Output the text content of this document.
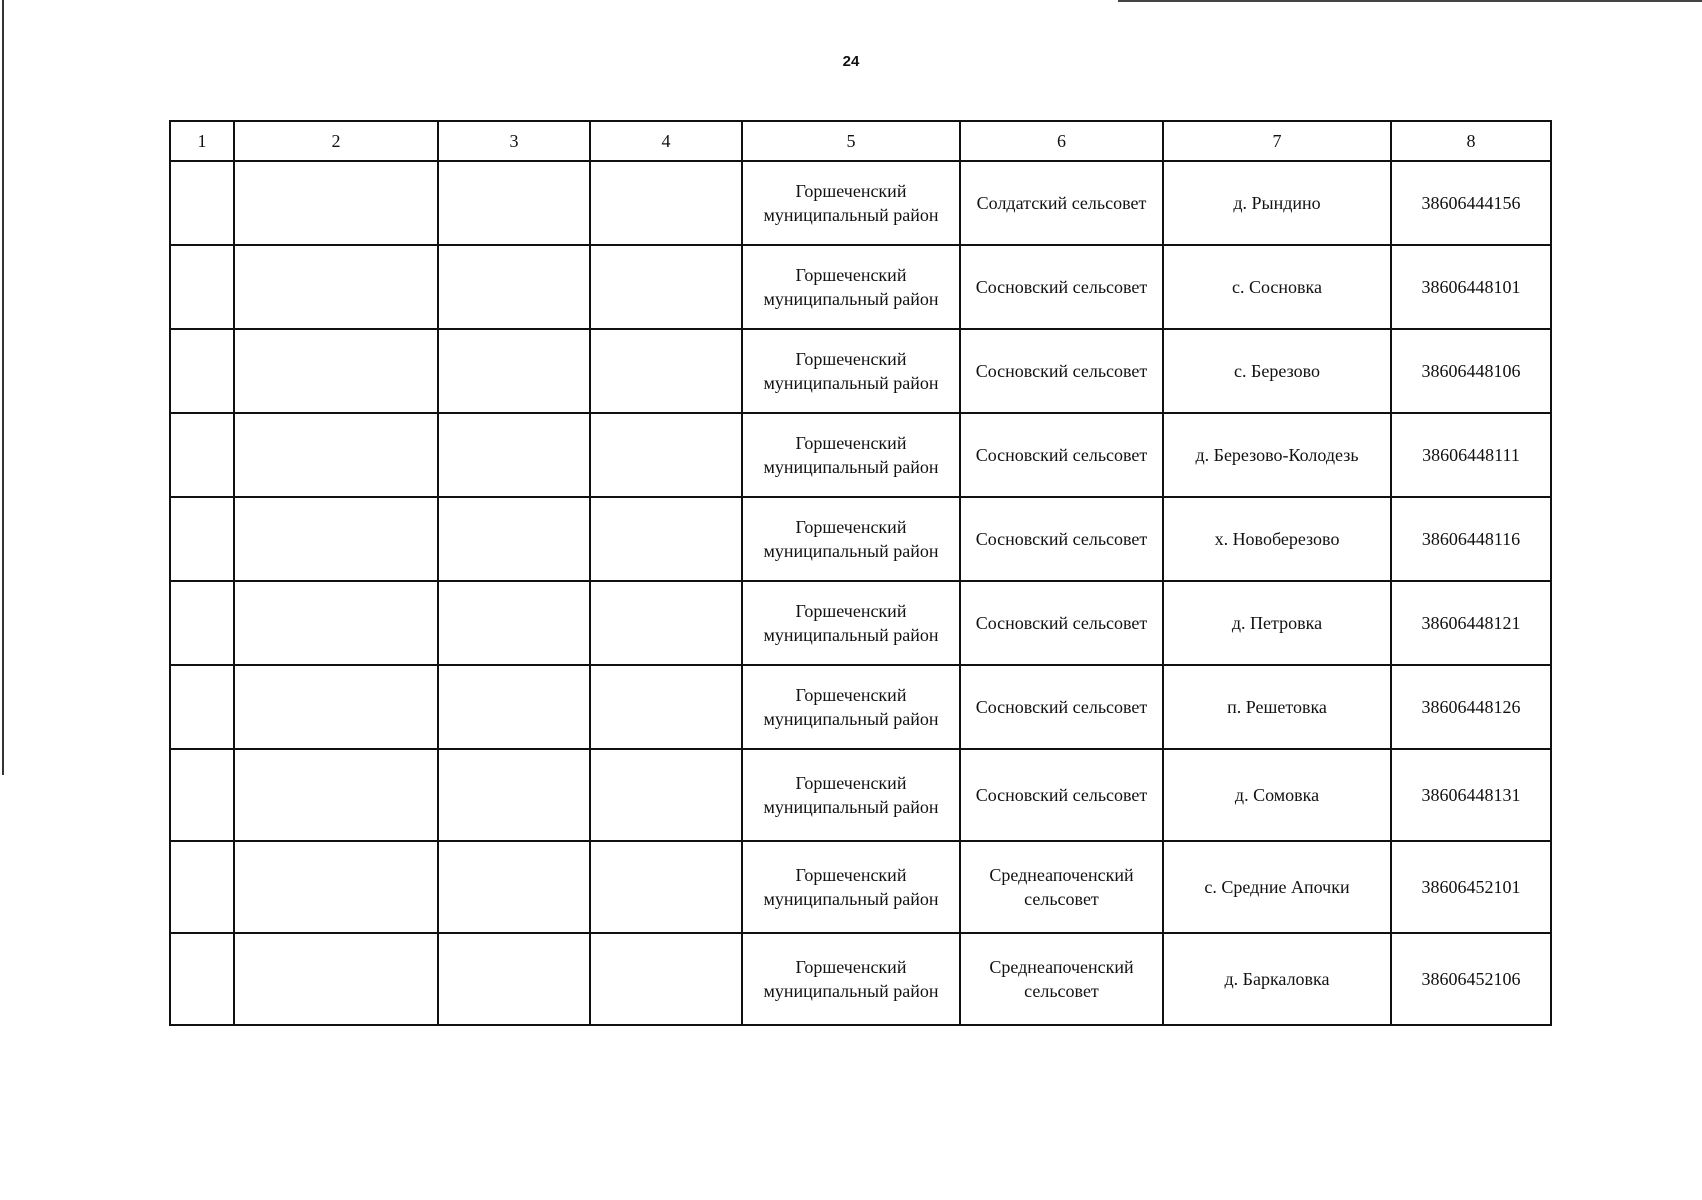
24
1	2	3	4	5	6	7	8
				Горшеченский муниципальный район	Солдатский сельсовет	д. Рындино	38606444156
				Горшеченский муниципальный район	Сосновский сельсовет	с. Сосновка	38606448101
				Горшеченский муниципальный район	Сосновский сельсовет	с. Березово	38606448106
				Горшеченский муниципальный район	Сосновский сельсовет	д. Березово-Колодезь	38606448111
				Горшеченский муниципальный район	Сосновский сельсовет	х. Новоберезово	38606448116
				Горшеченский муниципальный район	Сосновский сельсовет	д. Петровка	38606448121
				Горшеченский муниципальный район	Сосновский сельсовет	п. Решетовка	38606448126
				Горшеченский муниципальный район	Сосновский сельсовет	д. Сомовка	38606448131
				Горшеченский муниципальный район	Среднеапоченский сельсовет	с. Средние Апочки	38606452101
				Горшеченский муниципальный район	Среднеапоченский сельсовет	д. Баркаловка	38606452106
